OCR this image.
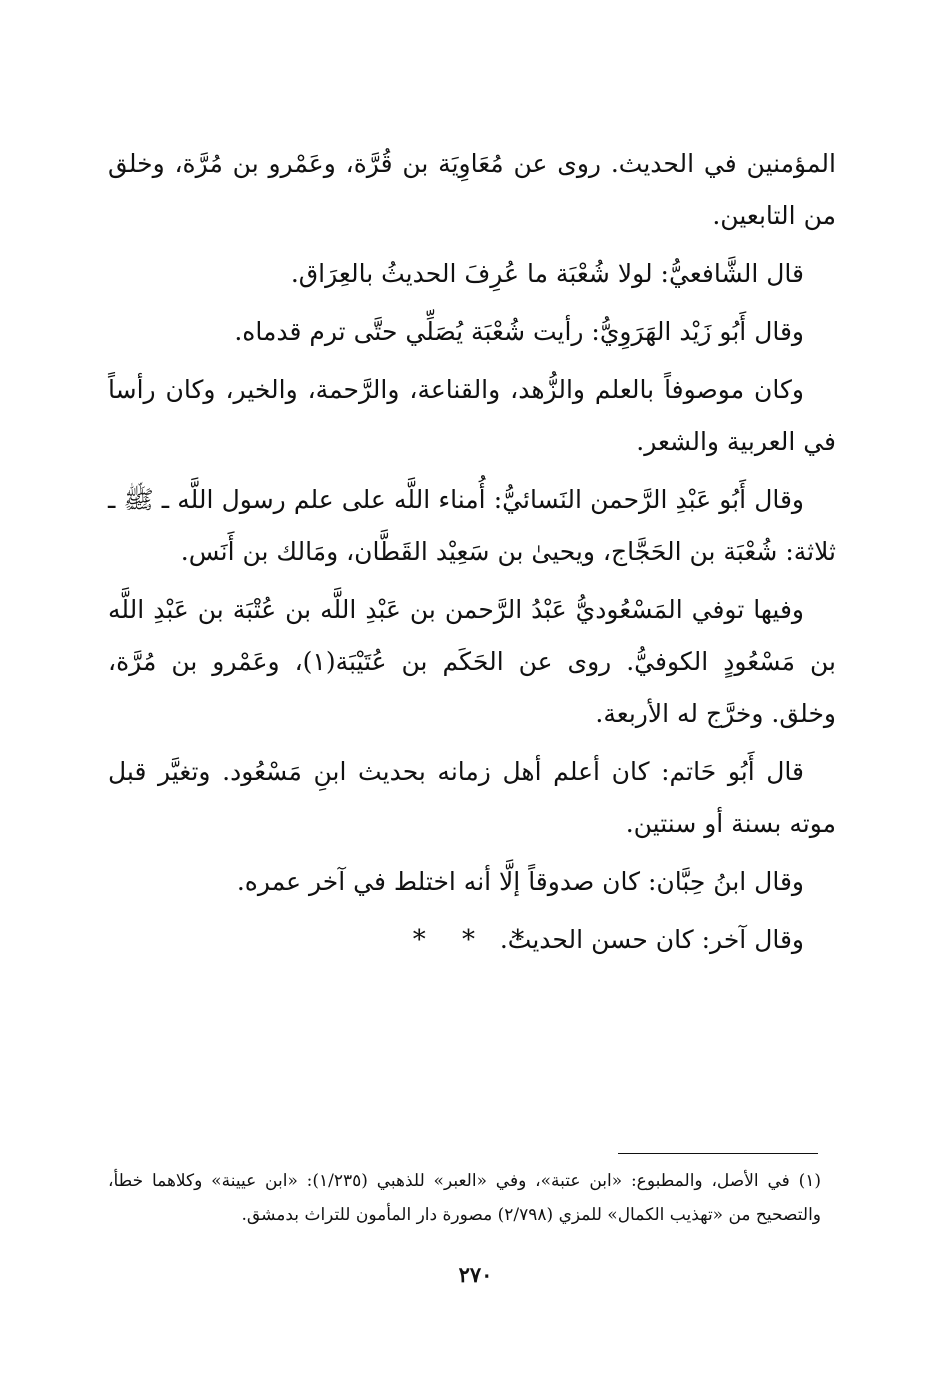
المؤمنين في الحديث. روى عن مُعَاوِيَة بن قُرَّة، وعَمْرو بن مُرَّة، وخلق من التابعين.

قال الشَّافعيُّ: لولا شُعْبَة ما عُرِفَ الحديثُ بالعِرَاق.

وقال أَبُو زَيْد الهَرَوِيُّ: رأيت شُعْبَة يُصَلِّي حتَّى ترم قدماه.

وكان موصوفاً بالعلم والزُّهد، والقناعة، والرَّحمة، والخير، وكان رأساً في العربية والشعر.

وقال أَبُو عَبْدِ الرَّحمن النَسائيُّ: أُمناء اللَّه على علم رسول اللَّه ـ ﷺ ـ ثلاثة: شُعْبَة بن الحَجَّاج، ويحيىٰ بن سَعِيْد القَطَّان، ومَالك بن أَنَس.

وفيها توفي المَسْعُوديُّ عَبْدُ الرَّحمن بن عَبْدِ اللَّه بن عُتْبَة بن عَبْدِ اللَّه بن مَسْعُودٍ الكوفيُّ. روى عن الحَكَم بن عُتَيْبَة(١)، وعَمْرو بن مُرَّة، وخلق. وخرَّج له الأربعة.

قال أَبُو حَاتم: كان أعلم أهل زمانه بحديث ابنِ مَسْعُود. وتغيَّر قبل موته بسنة أو سنتين.

وقال ابنُ حِبَّان: كان صدوقاً إلَّا أنه اختلط في آخر عمره.

وقال آخر: كان حسن الحديث.

* * *
(١) في الأصل، والمطبوع: «ابن عتبة»، وفي «العبر» للذهبي (١/٢٣٥): «ابن عيينة» وكلاهما خطأ، والتصحيح من «تهذيب الكمال» للمزي (٢/٧٩٨) مصورة دار المأمون للتراث بدمشق.
٢٧٠
